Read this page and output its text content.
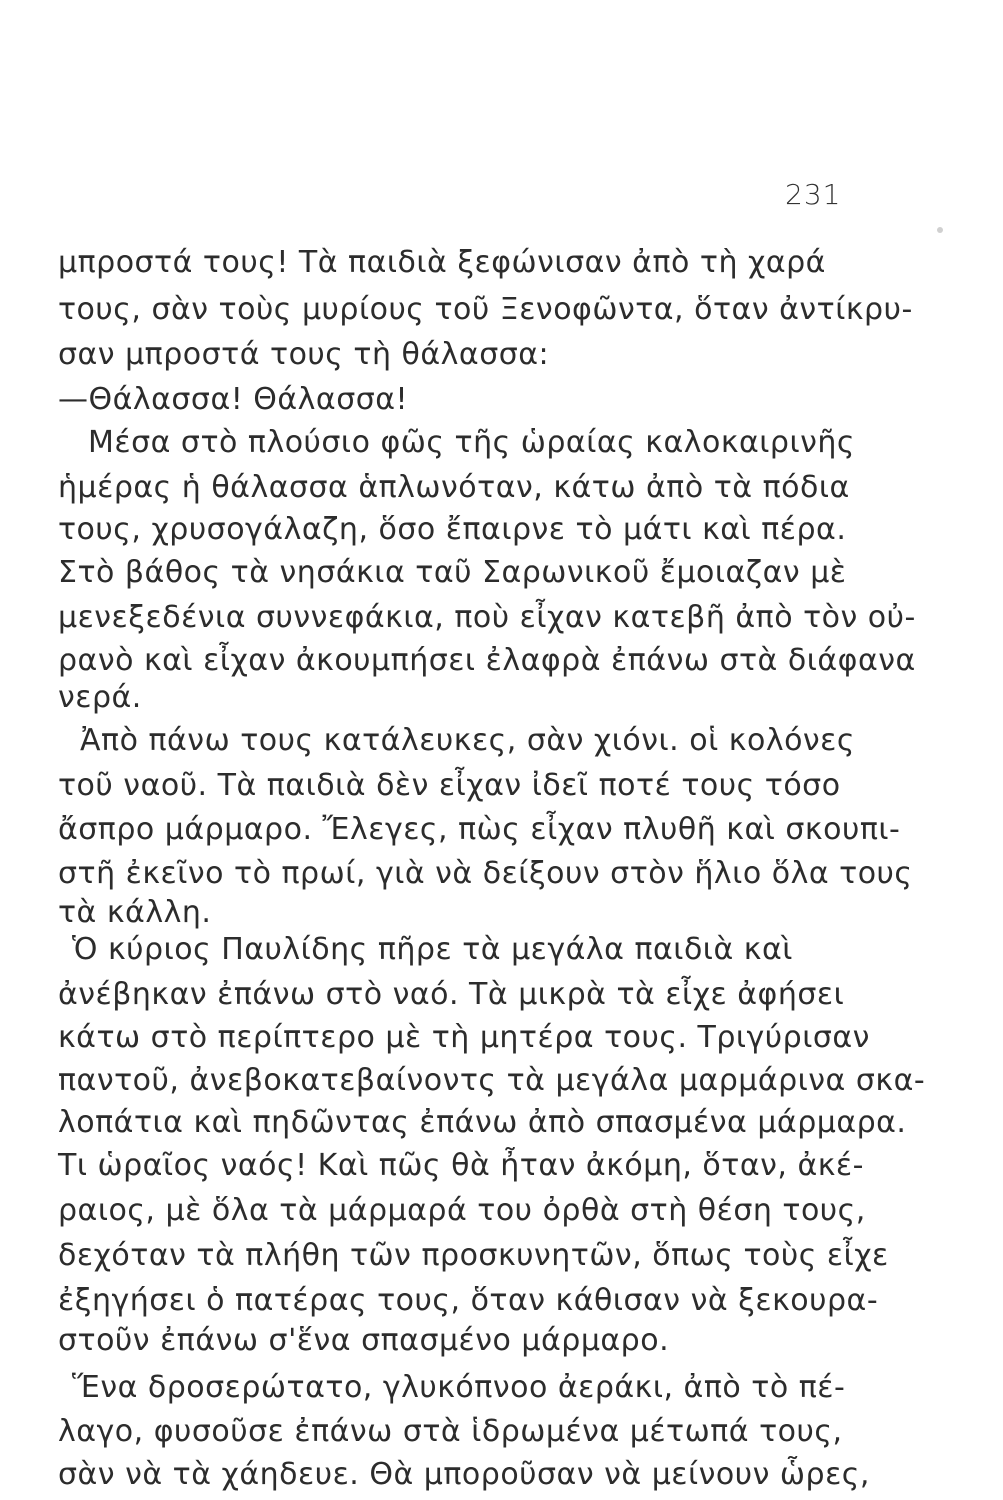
231
μπροστά τους! Τὰ παιδιὰ ξεφώνισαν ἀπὸ τὴ χαρά
τους, σὰν τοὺς μυρίους τοῦ Ξενοφῶντα, ὅταν ἀντίκρυ-
σαν μπροστά τους τὴ θάλασσα:
—Θάλασσα! Θάλασσα!
Μέσα στὸ πλούσιο φῶς τῆς ὡραίας καλοκαιρινῆς
ἡμέρας ἡ θάλασσα ἁπλωνόταν, κάτω ἀπὸ τὰ πόδια
τους, χρυσογάλαζη, ὅσο ἔπαιρνε τὸ μάτι καὶ πέρα.
Στὸ βάθος τὰ νησάκια ταῦ Σαρωνικοῦ ἔμοιαζαν μὲ
μενεξεδένια συννεφάκια, ποὺ εἶχαν κατεβῆ ἀπὸ τὸν οὐ-
ρανὸ καὶ εἶχαν ἀκουμπήσει ἐλαφρὰ ἐπάνω στὰ διάφανα
νερά.
Ἀπὸ πάνω τους κατάλευκες, σὰν χιόνι. οἱ κολόνες
τοῦ ναοῦ. Τὰ παιδιὰ δὲν εἶχαν ἰδεῖ ποτέ τους τόσο
ἄσπρο μάρμαρο. Ἔλεγες, πὼς εἶχαν πλυθῆ καὶ σκουπι-
στῆ ἐκεῖνο τὸ πρωί, γιὰ νὰ δείξουν στὸν ἥλιο ὅλα τους
τὰ κάλλη.
Ὁ κύριος Παυλίδης πῆρε τὰ μεγάλα παιδιὰ καὶ
ἀνέβηκαν ἐπάνω στὸ ναό. Τὰ μικρὰ τὰ εἶχε ἀφήσει
κάτω στὸ περίπτερο μὲ τὴ μητέρα τους. Τριγύρισαν
παντοῦ, ἀνεβοκατεβαίνοντς τὰ μεγάλα μαρμάρινα σκα-
λοπάτια καὶ πηδῶντας ἐπάνω ἀπὸ σπασμένα μάρμαρα.
Τι ὡραῖος ναός! Καὶ πῶς θὰ ἦταν ἀκόμη, ὅταν, ἀκέ-
ραιος, μὲ ὅλα τὰ μάρμαρά του ὀρθὰ στὴ θέση τους,
δεχόταν τὰ πλήθη τῶν προσκυνητῶν, ὅπως τοὺς εἶχε
ἐξηγήσει ὁ πατέρας τους, ὅταν κάθισαν νὰ ξεκουρα-
στοῦν ἐπάνω σ'ἕνα σπασμένο μάρμαρο.
Ἕνα δροσερώτατο, γλυκόπνοο ἀεράκι, ἀπὸ τὸ πέ-
λαγο, φυσοῦσε ἐπάνω στὰ ἱδρωμένα μέτωπά τους,
σὰν νὰ τὰ χάηδευε. Θὰ μποροῦσαν νὰ μείνουν ὧρες,
